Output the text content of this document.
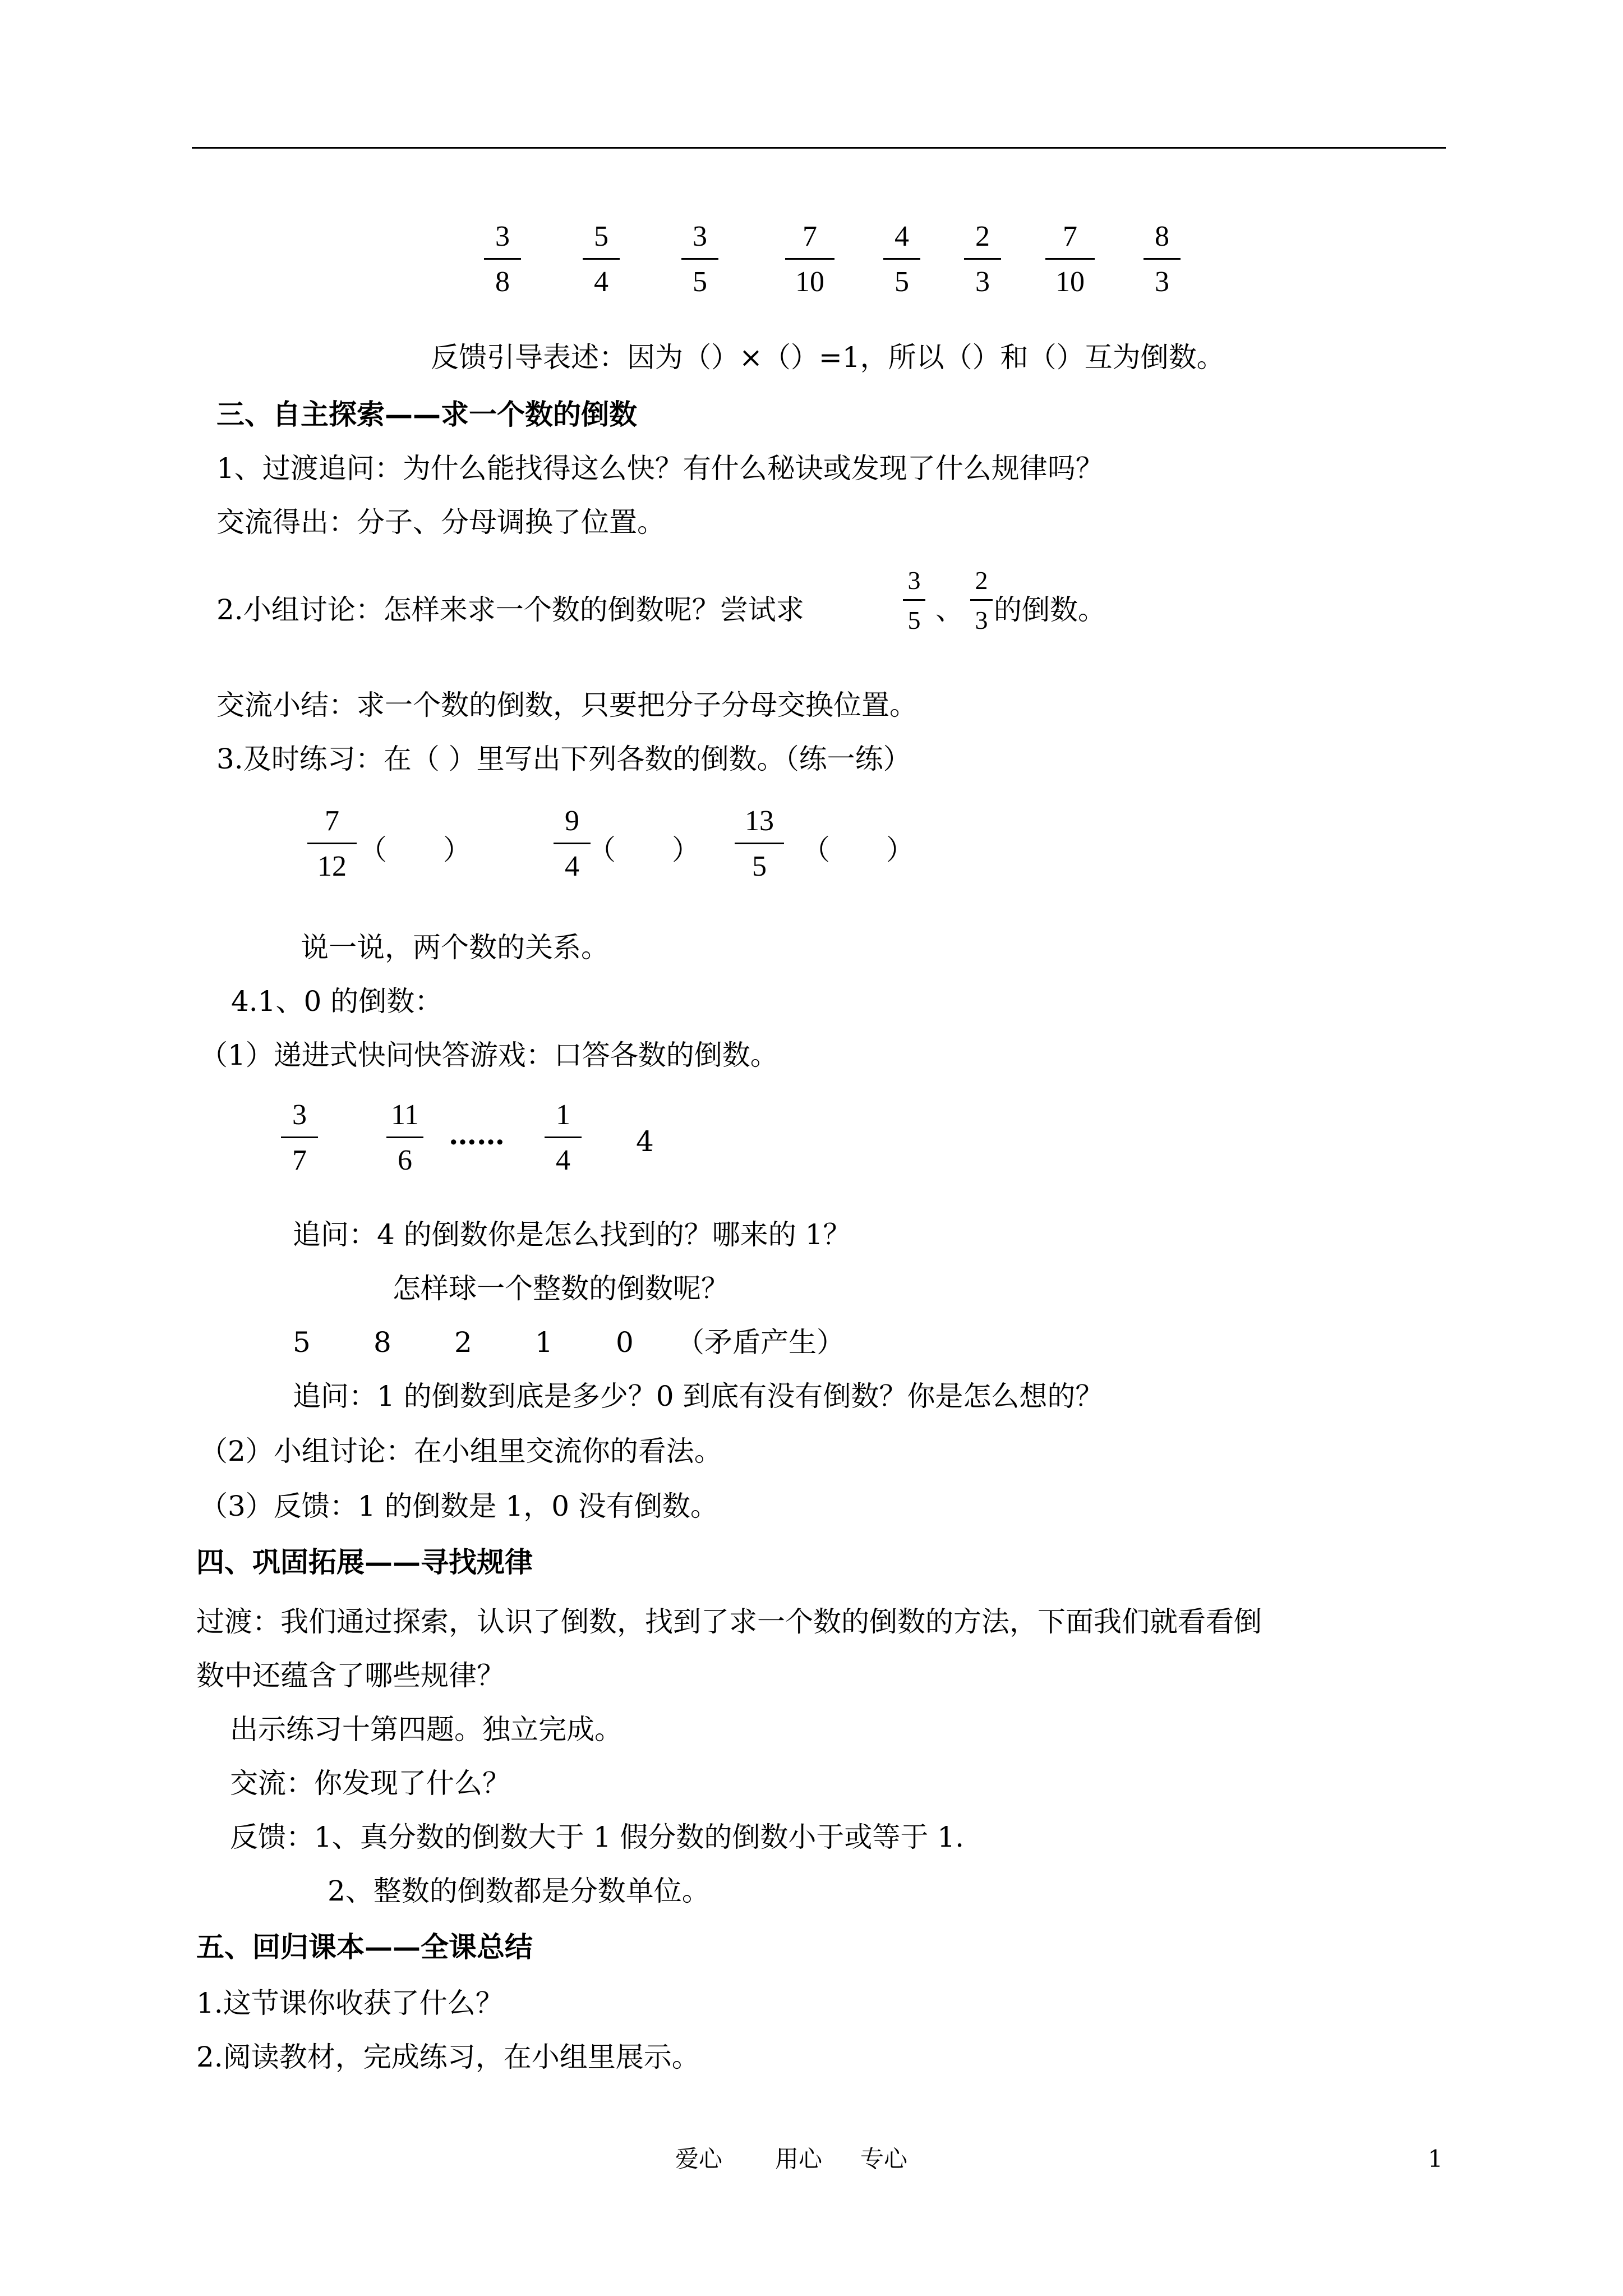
3
8
5
4
3
5
7
10
4
5
2
3
7
10
8
3
反馈引导表述：因为（）×（）=1，所以（）和（）互为倒数。
三、自主探索——求一个数的倒数
1、过渡追问：为什么能找得这么快？有什么秘诀或发现了什么规律吗？
交流得出：分子、分母调换了位置。
2.小组讨论：怎样来求一个数的倒数呢？尝试求
3
5 、
2
3 的倒数。
交流小结：求一个数的倒数，只要把分子分母交换位置。
3.及时练习：在（ ）里写出下列各数的倒数。（练一练）
7
12
（　　）
9
4
（　　）
13
5
（　　）
说一说，两个数的关系。
4.1、0 的倒数：
（1）递进式快问快答游戏：口答各数的倒数。
3
7
11
6
……
1
4
4
追问：4 的倒数你是怎么找到的？哪来的 1？
怎样球一个整数的倒数呢？
5 8 2 1 0 （矛盾产生）
追问：1 的倒数到底是多少？0 到底有没有倒数？你是怎么想的？
（2）小组讨论：在小组里交流你的看法。
（3）反馈：1 的倒数是 1，0 没有倒数。
四、巩固拓展——寻找规律
过渡：我们通过探索，认识了倒数，找到了求一个数的倒数的方法，下面我们就看看倒
数中还蕴含了哪些规律？
出示练习十第四题。独立完成。
交流：你发现了什么？
反馈：1、真分数的倒数大于 1 假分数的倒数小于或等于 1.
2、整数的倒数都是分数单位。
五、回归课本——全课总结
1.这节课你收获了什么？
2.阅读教材，完成练习，在小组里展示。
爱心 用心 专心	1
